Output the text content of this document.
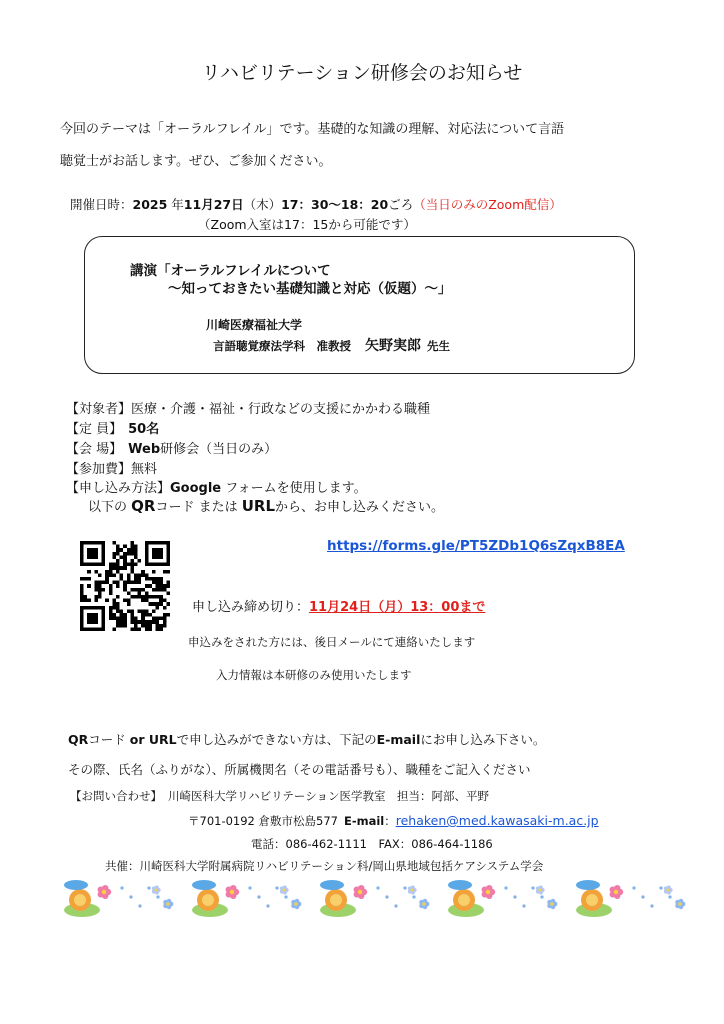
リハビリテーション研修会のお知らせ
今回のテーマは「オーラルフレイル」です。基礎的な知識の理解、対応法について言語
聴覚士がお話します。ぜひ、ご参加ください。
開催日時：2025 年11月27日（木）17：30～18：20ごろ（当日のみのZoom配信）
（Zoom入室は17：15から可能です）
講演「オーラルフレイルについて
～知っておきたい基礎知識と対応（仮題）～」
川崎医療福祉大学
言語聴覚療法学科　准教授 矢野実郎 先生
【対象者】医療・介護・福祉・行政などの支援にかかわる職種
【定 員】 50名
【会 場】 Web研修会（当日のみ）
【参加費】無料
【申し込み方法】Google フォームを使用します。
以下の QRコード または URLから、お申し込みください。
https://forms.gle/PT5ZDb1Q6sZqxB8EA
申し込み締め切り：11月24日（月）13：00まで
申込みをされた方には、後日メールにて連絡いたします
入力情報は本研修のみ使用いたします
QRコード or URLで申し込みができない方は、下記のE-mailにお申し込み下さい。
その際、氏名（ふりがな）、所属機関名（その電話番号も）、職種をご記入ください
【お問い合わせ】 川崎医科大学リハビリテーション医学教室　担当：阿部、平野
〒701-0192 倉敷市松島577 E-mail：rehaken@med.kawasaki-m.ac.jp
電話：086-462-1111　FAX：086-464-1186
共催：川崎医科大学附属病院リハビリテーション科/岡山県地域包括ケアシステム学会
